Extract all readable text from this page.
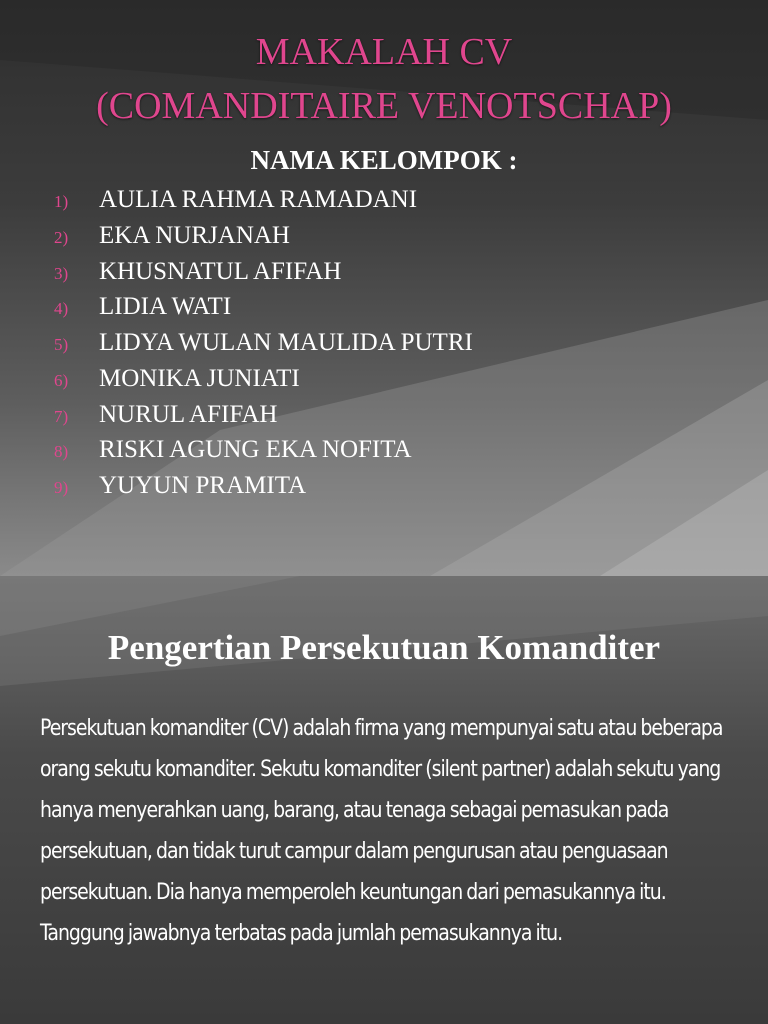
MAKALAH CV
(COMANDITAIRE VENOTSCHAP)
NAMA KELOMPOK :
1) AULIA RAHMA RAMADANI
2) EKA NURJANAH
3) KHUSNATUL AFIFAH
4) LIDIA WATI
5) LIDYA WULAN MAULIDA PUTRI
6) MONIKA JUNIATI
7) NURUL AFIFAH
8) RISKI AGUNG EKA NOFITA
9) YUYUN PRAMITA
Pengertian Persekutuan Komanditer

Persekutuan komanditer (CV) adalah firma yang mempunyai satu atau beberapa orang sekutu komanditer. Sekutu komanditer (silent partner) adalah sekutu yang hanya menyerahkan uang, barang, atau tenaga sebagai pemasukan pada persekutuan, dan tidak turut campur dalam pengurusan atau penguasaan persekutuan. Dia hanya memperoleh keuntungan dari pemasukannya itu. Tanggung jawabnya terbatas pada jumlah pemasukannya itu.
